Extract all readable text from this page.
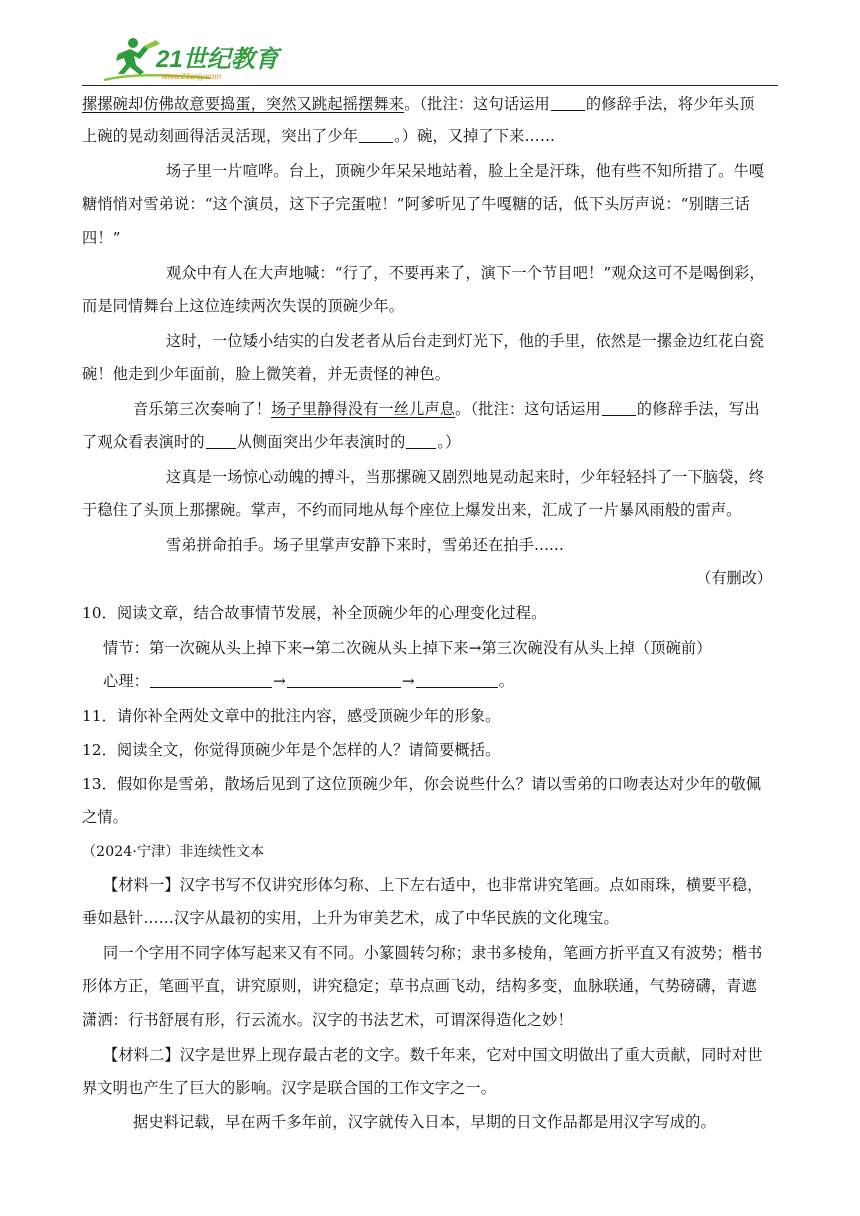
21世纪教育
www.21cnjy.com
摞摞碗却仿佛故意要捣蛋，突然又跳起摇摆舞来。（批注：这句话运用 的修辞手法，将少年头顶
上碗的晃动刻画得活灵活现，突出了少年 。）碗，又掉了下来……
场子里一片喧哗。台上，顶碗少年呆呆地站着，脸上全是汗珠，他有些不知所措了。牛嘎
糖悄悄对雪弟说：“这个演员，这下子完蛋啦！”阿爹听见了牛嘎糖的话，低下头厉声说：“别瞎三话
四！”
观众中有人在大声地喊：“行了，不要再来了，演下一个节目吧！”观众这可不是喝倒彩，
而是同情舞台上这位连续两次失误的顶碗少年。
这时，一位矮小结实的白发老者从后台走到灯光下，他的手里，依然是一摞金边红花白瓷
碗！他走到少年面前，脸上微笑着，并无责怪的神色。
音乐第三次奏响了！场子里静得没有一丝儿声息。（批注：这句话运用 的修辞手法，写出
了观众看表演时的 从侧面突出少年表演时的 。）
这真是一场惊心动魄的搏斗，当那摞碗又剧烈地晃动起来时，少年轻轻抖了一下脑袋，终
于稳住了头顶上那摞碗。掌声，不约而同地从每个座位上爆发出来，汇成了一片暴风雨般的雷声。
雪弟拼命拍手。场子里掌声安静下来时，雪弟还在拍手......
（有删改）
10．阅读文章，结合故事情节发展，补全顶碗少年的心理变化过程。
情节：第一次碗从头上掉下来→第二次碗从头上掉下来→第三次碗没有从头上掉（顶碗前）
心理：	→	→	。
11．请你补全两处文章中的批注内容，感受顶碗少年的形象。
12．阅读全文，你觉得顶碗少年是个怎样的人？请简要概括。
13．假如你是雪弟，散场后见到了这位顶碗少年，你会说些什么？请以雪弟的口吻表达对少年的敬佩
之情。
（2024·宁津）非连续性文本
【材料一】汉字书写不仅讲究形体匀称、上下左右适中，也非常讲究笔画。点如雨珠，横要平稳，
垂如悬针……汉字从最初的实用，上升为审美艺术，成了中华民族的文化瑰宝。
同一个字用不同字体写起来又有不同。小篆圆转匀称；隶书多棱角，笔画方折平直又有波势；楷书
形体方正，笔画平直，讲究原则，讲究稳定；草书点画飞动，结构多变，血脉联通，气势磅礴，青遮
潇洒：行书舒展有形，行云流水。汉字的书法艺术，可谓深得造化之妙！
【材料二】汉字是世界上现存最古老的文字。数千年来，它对中国文明做出了重大贡献，同时对世
界文明也产生了巨大的影响。汉字是联合国的工作文字之一。
据史料记载，早在两千多年前，汉字就传入日本，早期的日文作品都是用汉字写成的。
